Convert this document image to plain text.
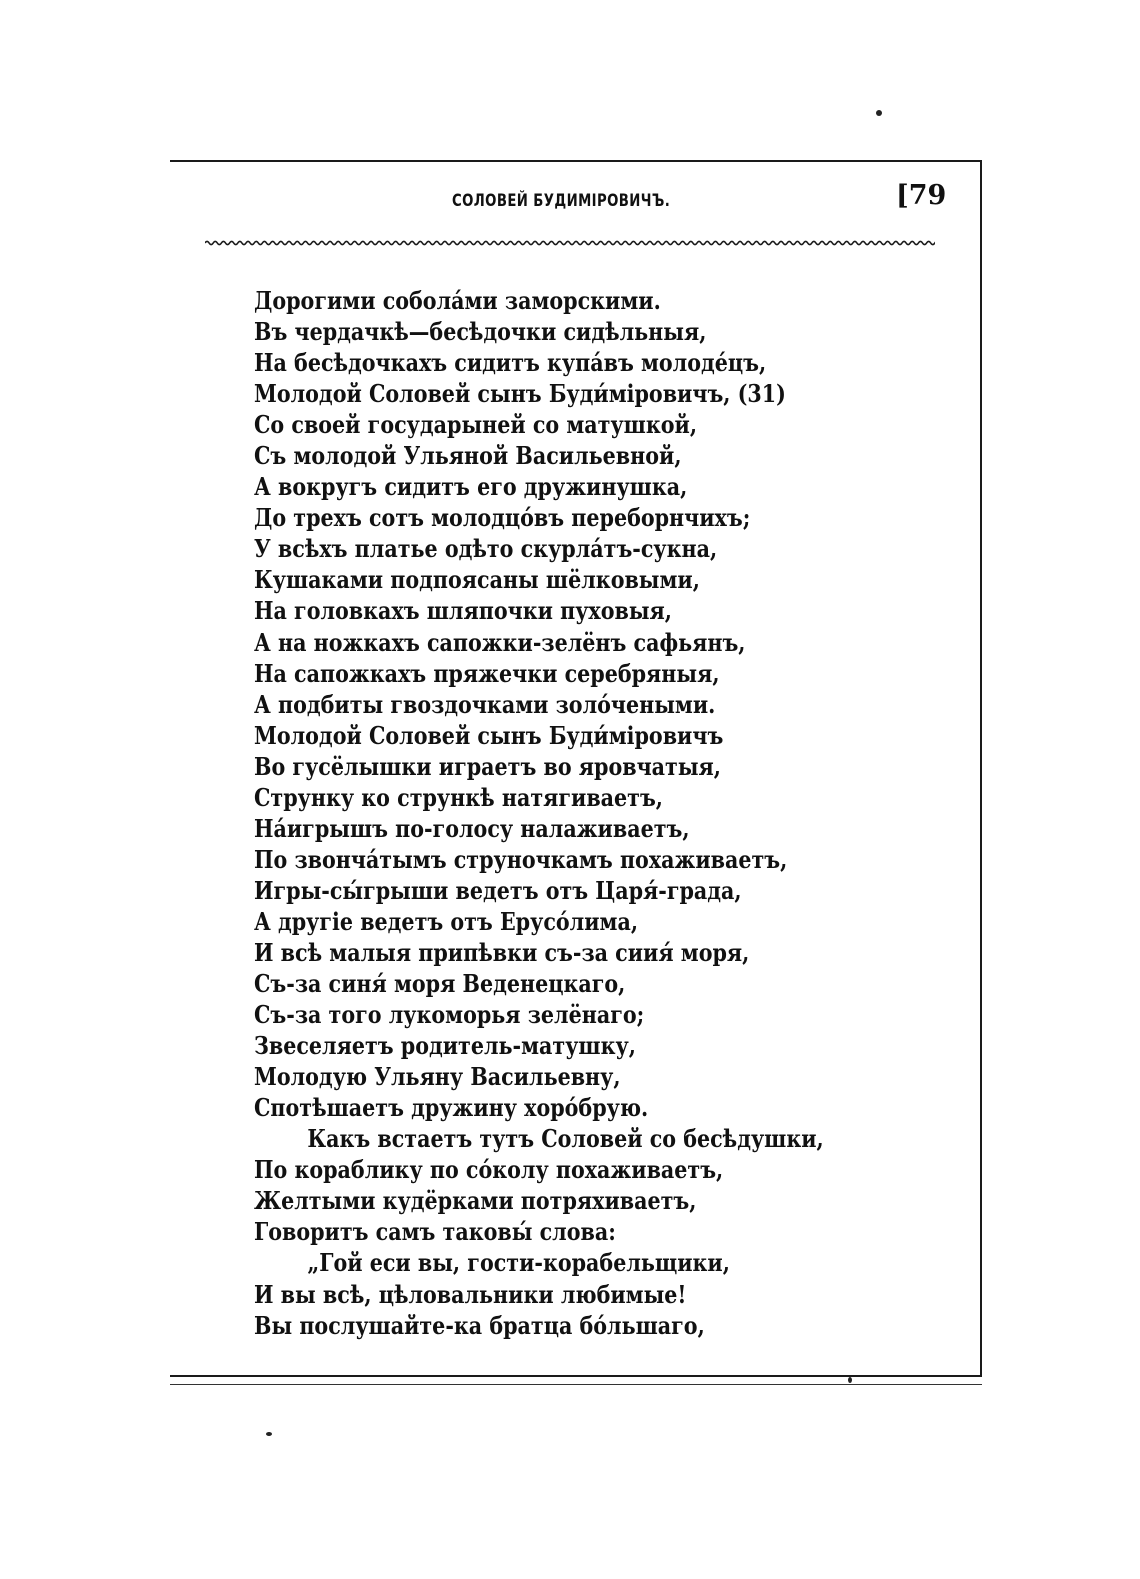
СОЛОВЕЙ БУДИМІРОВИЧЪ.	[79
Дорогими собола́ми заморскими.
Въ чердачкѣ—бесѣдочки сидѣльныя,
На бесѣдочкахъ сидитъ купа́въ молоде́цъ,
Молодой Соловей сынъ Буди́мiровичъ, (31)
Со своей государыней со матушкой,
Съ молодой Ульяной Васильевной,
А вокругъ сидитъ его дружинушка,
До трехъ сотъ молодцо́въ переборнчихъ;
У всѣхъ платье одѣто скурла́тъ-сукна,
Кушаками подпоясаны шёлковыми,
На головкахъ шляпочки пуховыя,
А на ножкахъ сапожки-зелёнъ сафьянъ,
На сапожкахъ пряжечки серебряныя,
А подбиты гвоздочками золо́чеными.
Молодой Соловей сынъ Буди́мiровичъ
Во гусёлышки играетъ во яровчатыя,
Струнку ко стрункѣ натягиваетъ,
На́игрышъ по-голосу налаживаетъ,
По звонча́тымъ струночкамъ похаживаетъ,
Игры-сы́грыши ведетъ отъ Царя́-града,
А другiе ведетъ отъ Ерусо́лима,
И всѣ малыя припѣвки съ-за сиия́ моря,
Съ-за синя́ моря Веденецкаго,
Съ-за того лукоморья зелёнаго;
Звеселяетъ родитель-матушку,
Молодую Ульяну Васильевну,
Спотѣшаетъ дружину хоро́брую.
Какъ встаетъ тутъ Соловей со бесѣдушки,
По кораблику по со́колу похаживаетъ,
Желтыми кудёрками потряхиваетъ,
Говоритъ самъ таковы́ слова:
„Гой еси вы, гости-корабельщики,
И вы всѣ, цѣловальники любимые!
Вы послушайте-ка братца бо́льшаго,
